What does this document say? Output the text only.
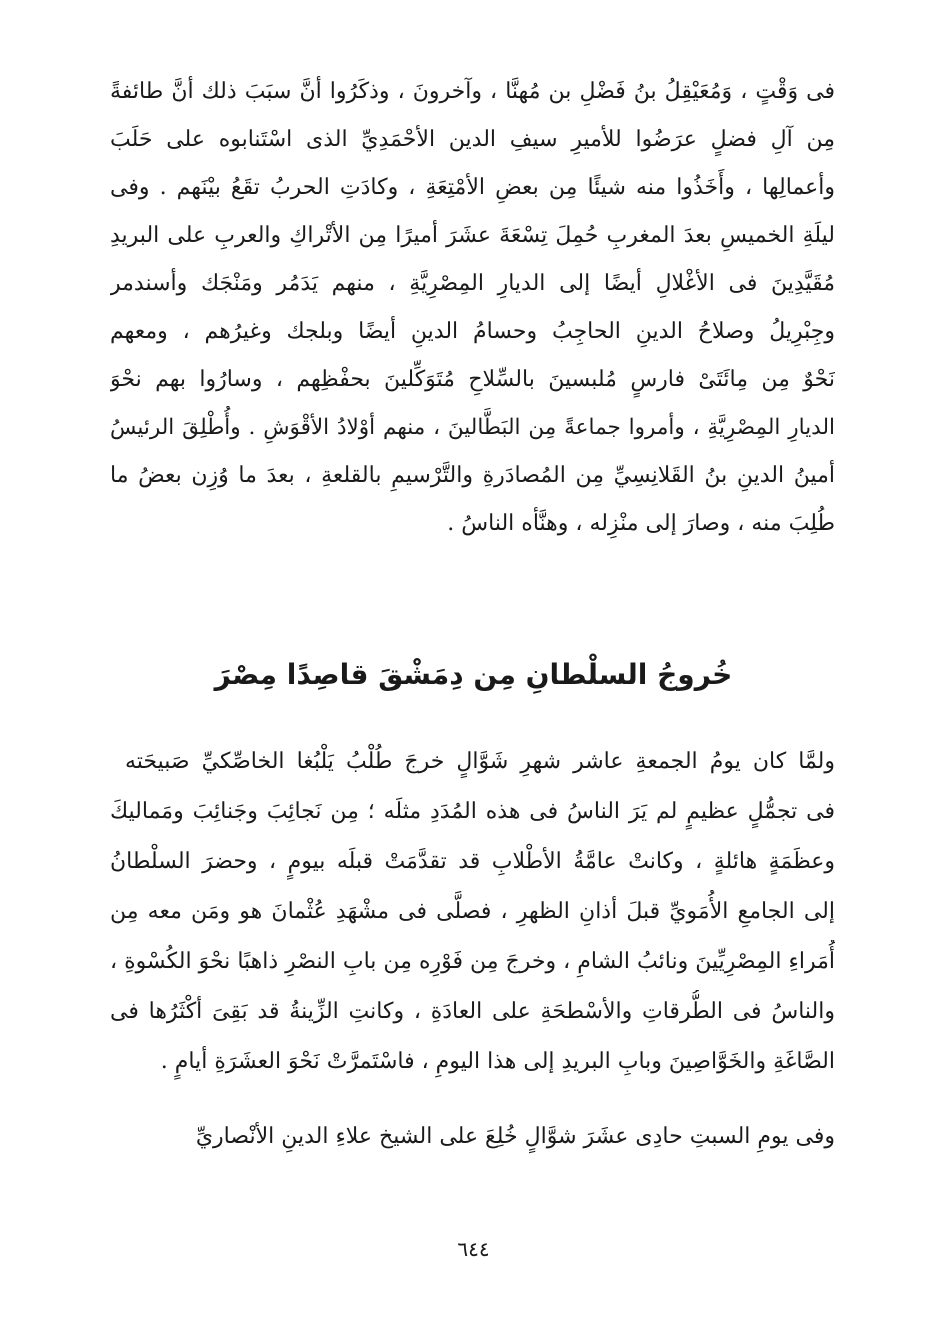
فى وَقْتٍ ، وَمُعَيْقِلُ بنُ فَضْلِ بن مُهنَّا ، وآخرونَ ، وذكَرُوا أنَّ سبَبَ ذلك أنَّ طائفةً
مِن آلِ فضلٍ عرَضُوا للأميرِ سيفِ الدين الأحْمَدِيِّ الذى اسْتَنابوه على حَلَبَ
وأعمالِها ، وأَخَذُوا منه شيئًا مِن بعضِ الأمْتِعَةِ ، وكادَتِ الحربُ تقَعُ بيْنَهم . وفى
ليلَةِ الخميسِ بعدَ المغربِ حُمِلَ تِسْعَةَ عشَرَ أميرًا مِن الأتْراكِ والعربِ على البريدِ
مُقَيَّدِينَ فى الأغْلالِ أيضًا إلى الديارِ المِصْرِيَّةِ ، منهم يَدَمُر ومَنْجَك وأسندمر
وجِبْرِيلُ وصلاحُ الدينِ الحاجِبُ وحسامُ الدينِ أيضًا وبلجك وغيرُهم ، ومعهم
نَحْوٌ مِن مِائَتَىْ فارسٍ مُلبسينَ بالسِّلاحِ مُتَوَكِّلينَ بحفْظِهم ، وسارُوا بهم نحْوَ
الديارِ المِصْرِيَّةِ ، وأمروا جماعةً مِن البَطَّالينَ ، منهم أوْلادُ الأقْوَشِ . وأُطْلِقَ الرئيسُ
أمينُ الدينِ بنُ القَلانِسِيِّ مِن المُصادَرةِ والتَّرْسيمِ بالقلعةِ ، بعدَ ما وُزِن بعضُ ما
طُلِبَ منه ، وصارَ إلى منْزِله ، وهنَّأه الناسُ .
خُروجُ السلْطانِ مِن دِمَشْقَ قاصِدًا مِصْرَ
ولمَّا كان يومُ الجمعةِ عاشر شهرِ شَوَّالٍ خرجَ طُلْبُ يَلْبُغا الخاصِّكيِّ صَبيحَته
فى تجمُّلٍ عظيمٍ لم يَرَ الناسُ فى هذه المُدَدِ مثلَه ؛ مِن نَجائِبَ وجَنائِبَ ومَماليكَ
وعظَمَةٍ هائلةٍ ، وكانتْ عامَّةُ الأطْلابِ قد تقدَّمَتْ قبلَه بيومٍ ، وحضرَ السلْطانُ
إلى الجامعِ الأُمَويِّ قبلَ أذانِ الظهرِ ، فصلَّى فى مشْهَدِ عُثْمانَ هو ومَن معه مِن
أُمَراءِ المِصْرِيِّينَ ونائبُ الشامِ ، وخرجَ مِن فَوْرِه مِن بابِ النصْرِ ذاهبًا نحْوَ الكُسْوةِ ،
والناسُ فى الطُّرقاتِ والأسْطحَةِ على العادَةِ ، وكانتِ الزِّينةُ قد بَقِىَ أكْثَرُها فى
الصَّاغَةِ والخَوَّاصِينَ وبابِ البريدِ إلى هذا اليومِ ، فاسْتَمرَّتْ نَحْوَ العشَرَةِ أيامٍ .
وفى يومِ السبتِ حادِى عشَرَ شوَّالٍ خُلِعَ على الشيخ علاءِ الدينِ الأنْصاريِّ
٦٤٤
